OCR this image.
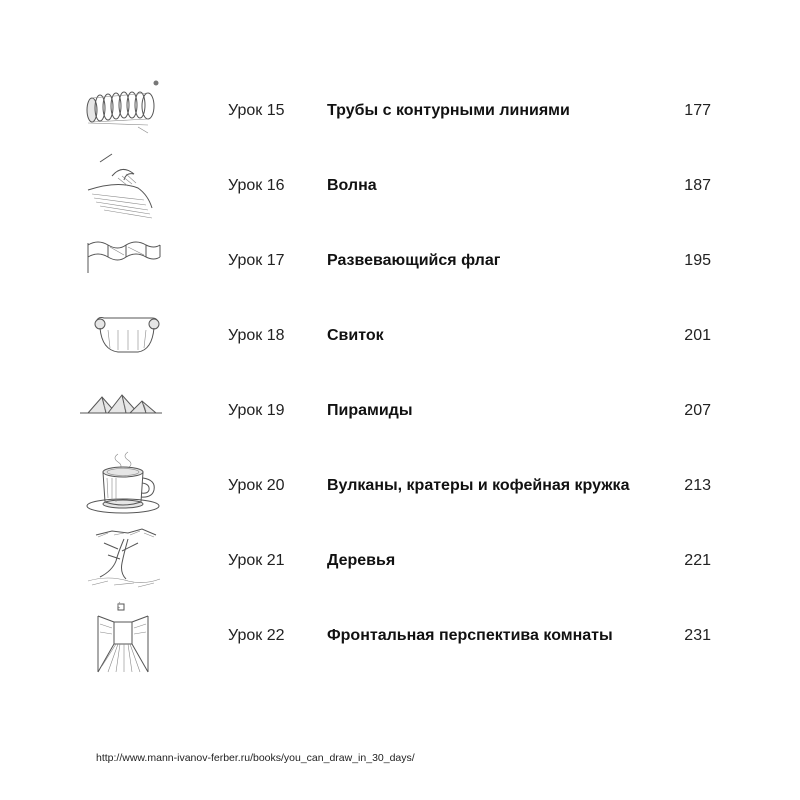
Урок 15	Трубы с контурными линиями	177
Урок 16	Волна	187
Урок 17	Развевающийся флаг	195
Урок 18	Свиток	201
Урок 19	Пирамиды	207
Урок 20	Вулканы, кратеры и кофейная кружка	213
Урок 21	Деревья	221
Урок 22	Фронтальная перспектива комнаты	231
http://www.mann-ivanov-ferber.ru/books/you_can_draw_in_30_days/
